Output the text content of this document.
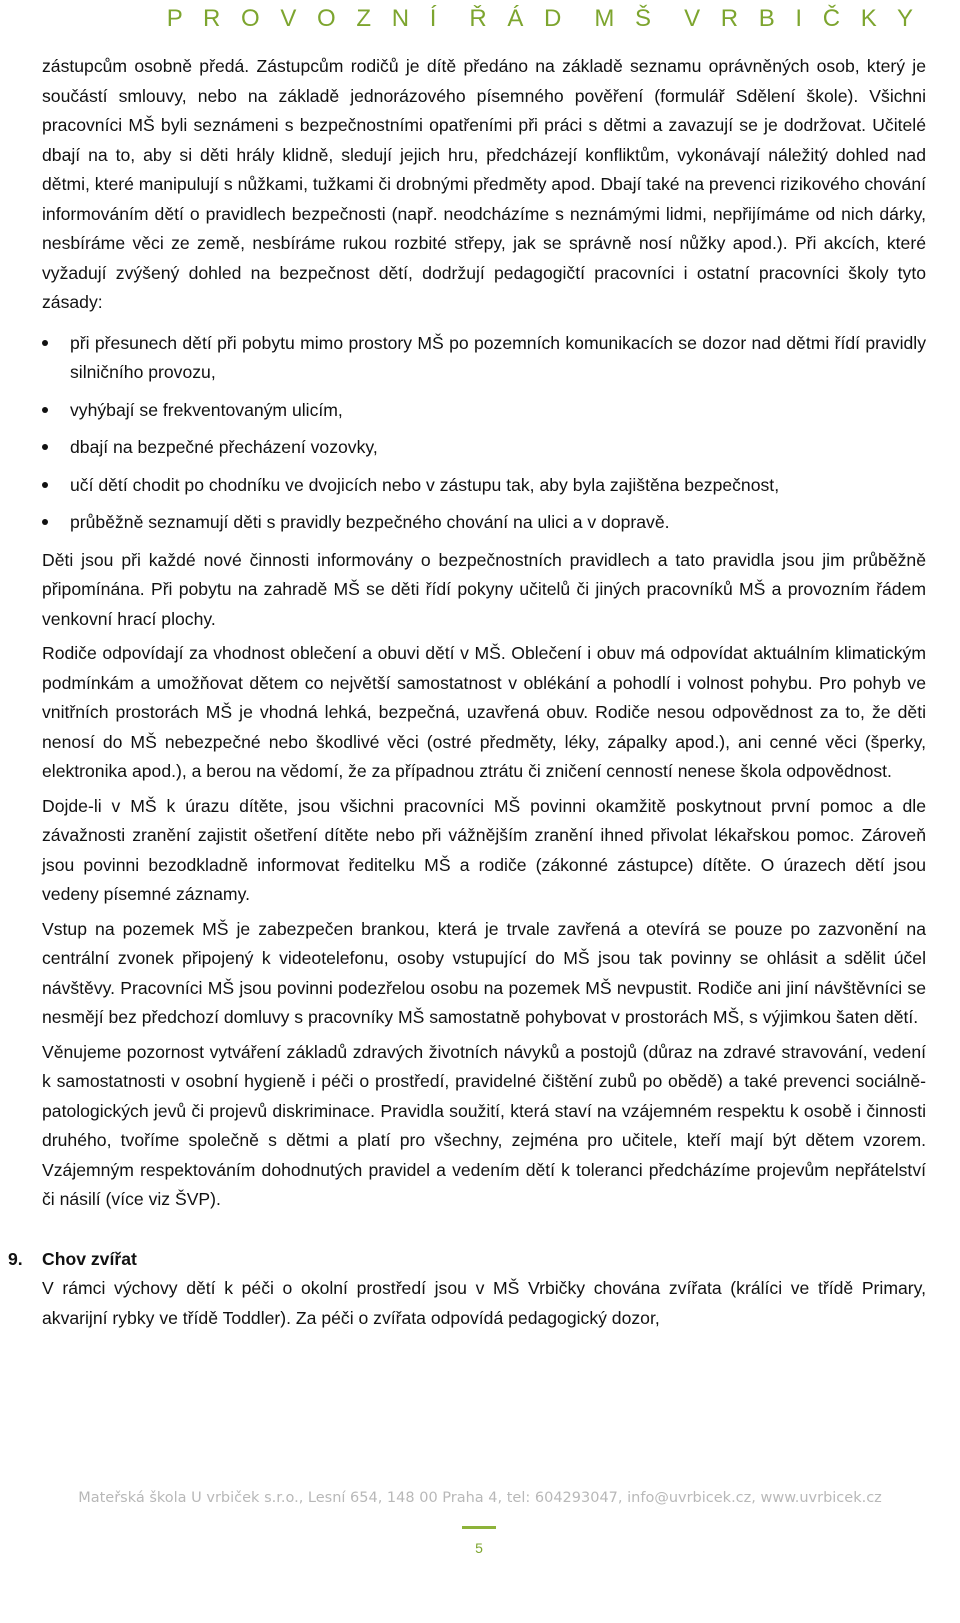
P R O V O Z N Í Ř Á D M Š V R B I Č K Y

zástupcům osobně předá. Zástupcům rodičů je dítě předáno na základě seznamu oprávněných osob, který je součástí smlouvy, nebo na základě jednorázového písemného pověření (formulář Sdělení škole). Všichni pracovníci MŠ byli seznámeni s bezpečnostními opatřeními při práci s dětmi a zavazují se je dodržovat. Učitelé dbají na to, aby si děti hrály klidně, sledují jejich hru, předcházejí konfliktům, vykonávají náležitý dohled nad dětmi, které manipulují s nůžkami, tužkami či drobnými předměty apod. Dbají také na prevenci rizikového chování informováním dětí o pravidlech bezpečnosti (např. neodcházíme s neznámými lidmi, nepřijímáme od nich dárky, nesbíráme věci ze země, nesbíráme rukou rozbité střepy, jak se správně nosí nůžky apod.). Při akcích, které vyžadují zvýšený dohled na bezpečnost dětí, dodržují pedagogičtí pracovníci i ostatní pracovníci školy tyto zásady:

při přesunech dětí při pobytu mimo prostory MŠ po pozemních komunikacích se dozor nad dětmi řídí pravidly silničního provozu,
vyhýbají se frekventovaným ulicím,
dbají na bezpečné přecházení vozovky,
učí dětí chodit po chodníku ve dvojicích nebo v zástupu tak, aby byla zajištěna bezpečnost,
průběžně seznamují děti s pravidly bezpečného chování na ulici a v dopravě.

Děti jsou při každé nové činnosti informovány o bezpečnostních pravidlech a tato pravidla jsou jim průběžně připomínána. Při pobytu na zahradě MŠ se děti řídí pokyny učitelů či jiných pracovníků MŠ a provozním řádem venkovní hrací plochy.

Rodiče odpovídají za vhodnost oblečení a obuvi dětí v MŠ. Oblečení i obuv má odpovídat aktuálním klimatickým podmínkám a umožňovat dětem co největší samostatnost v oblékání a pohodlí i volnost pohybu. Pro pohyb ve vnitřních prostorách MŠ je vhodná lehká, bezpečná, uzavřená obuv. Rodiče nesou odpovědnost za to, že děti nenosí do MŠ nebezpečné nebo škodlivé věci (ostré předměty, léky, zápalky apod.), ani cenné věci (šperky, elektronika apod.), a berou na vědomí, že za případnou ztrátu či zničení cenností nenese škola odpovědnost.

Dojde-li v MŠ k úrazu dítěte, jsou všichni pracovníci MŠ povinni okamžitě poskytnout první pomoc a dle závažnosti zranění zajistit ošetření dítěte nebo při vážnějším zranění ihned přivolat lékařskou pomoc. Zároveň jsou povinni bezodkladně informovat ředitelku MŠ a rodiče (zákonné zástupce) dítěte. O úrazech dětí jsou vedeny písemné záznamy.

Vstup na pozemek MŠ je zabezpečen brankou, která je trvale zavřená a otevírá se pouze po zazvonění na centrální zvonek připojený k videotelefonu, osoby vstupující do MŠ jsou tak povinny se ohlásit a sdělit účel návštěvy. Pracovníci MŠ jsou povinni podezřelou osobu na pozemek MŠ nevpustit. Rodiče ani jiní návštěvníci se nesmějí bez předchozí domluvy s pracovníky MŠ samostatně pohybovat v prostorách MŠ, s výjimkou šaten dětí.

Věnujeme pozornost vytváření základů zdravých životních návyků a postojů (důraz na zdravé stravování, vedení k samostatnosti v osobní hygieně i péči o prostředí, pravidelné čištění zubů po obědě) a také prevenci sociálně-patologických jevů či projevů diskriminace. Pravidla soužití, která staví na vzájemném respektu k osobě i činnosti druhého, tvoříme společně s dětmi a platí pro všechny, zejména pro učitele, kteří mají být dětem vzorem. Vzájemným respektováním dohodnutých pravidel a vedením dětí k toleranci předcházíme projevům nepřátelství či násilí (více viz ŠVP).

9. Chov zvířat

V rámci výchovy dětí k péči o okolní prostředí jsou v MŠ Vrbičky chována zvířata (králíci ve třídě Primary, akvarijní rybky ve třídě Toddler). Za péči o zvířata odpovídá pedagogický dozor,

Mateřská škola U vrbiček s.r.o., Lesní 654, 148 00 Praha 4, tel: 604293047, info@uvrbicek.cz, www.uvrbicek.cz
5
